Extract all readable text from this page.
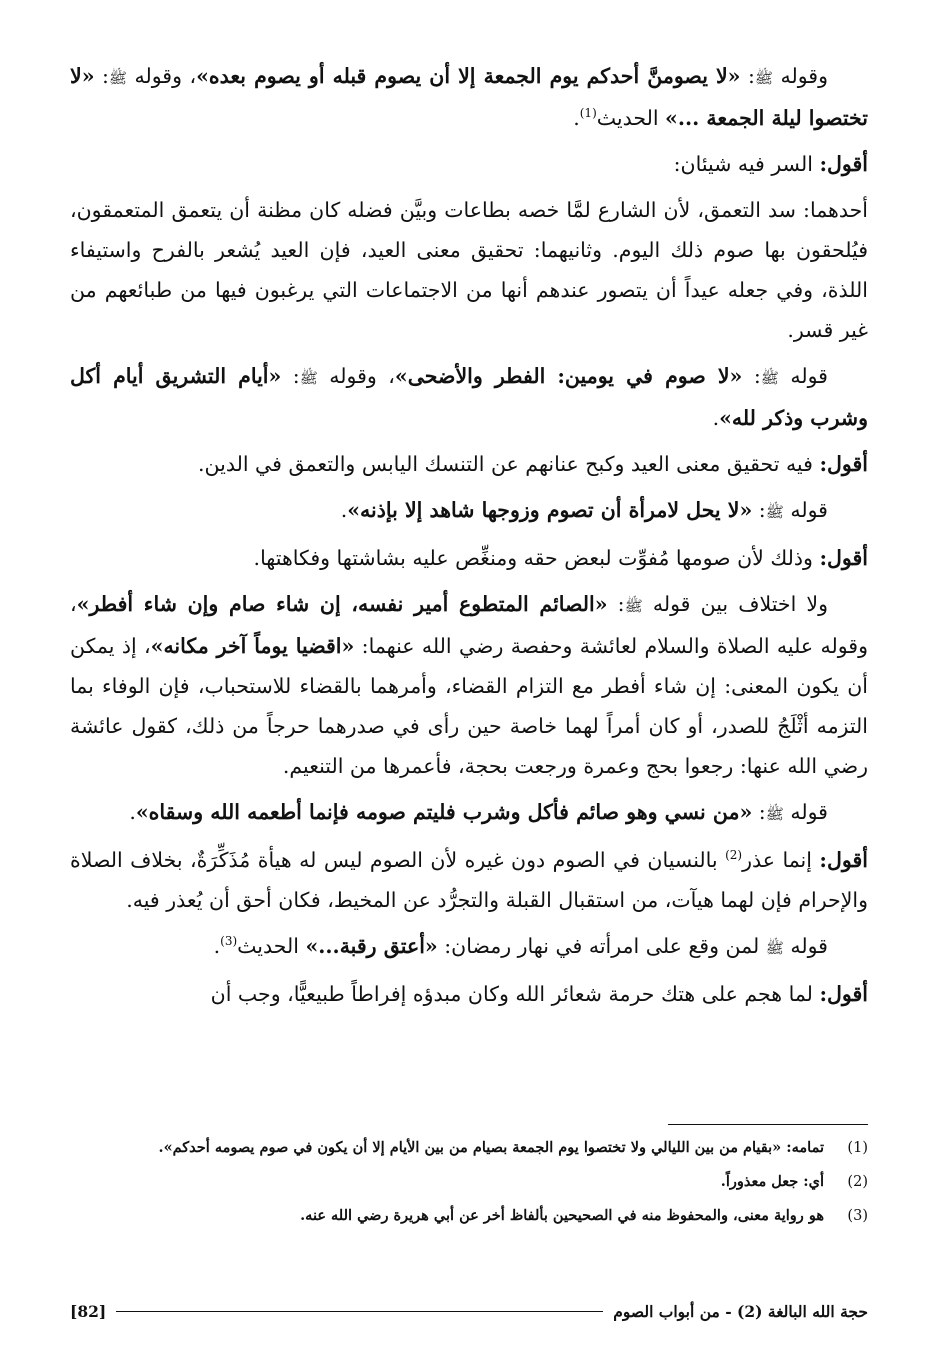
وقوله ﷺ: «لا يصومنَّ أحدكم يوم الجمعة إلا أن يصوم قبله أو يصوم بعده»، وقوله ﷺ: «لا تختصوا ليلة الجمعة ...» الحديث$^{(1)}$.

أقول: السر فيه شيئان:

أحدهما: سد التعمق، لأن الشارع لمَّا خصه بطاعات وبيَّن فضله كان مظنة أن يتعمق المتعمقون، فيُلحقون بها صوم ذلك اليوم. وثانيهما: تحقيق معنى العيد، فإن العيد يُشعر بالفرح واستيفاء اللذة، وفي جعله عيداً أن يتصور عندهم أنها من الاجتماعات التي يرغبون فيها من طبائعهم من غير قسر.

قوله ﷺ: «لا صوم في يومين: الفطر والأضحى»، وقوله ﷺ: «أيام التشريق أيام أكل وشرب وذكر لله».

أقول: فيه تحقيق معنى العيد وكبح عنانهم عن التنسك اليابس والتعمق في الدين.

قوله ﷺ: «لا يحل لامرأة أن تصوم وزوجها شاهد إلا بإذنه».

أقول: وذلك لأن صومها مُفوِّت لبعض حقه ومنغِّص عليه بشاشتها وفكاهتها.

ولا اختلاف بين قوله ﷺ: «الصائم المتطوع أمير نفسه، إن شاء صام وإن شاء أفطر»، وقوله عليه الصلاة والسلام لعائشة وحفصة رضي الله عنهما: «اقضيا يوماً آخر مكانه»، إذ يمكن أن يكون المعنى: إن شاء أفطر مع التزام القضاء، وأمرهما بالقضاء للاستحباب، فإن الوفاء بما التزمه أثْلَجُ للصدر، أو كان أمراً لهما خاصة حين رأى في صدرهما حرجاً من ذلك، كقول عائشة رضي الله عنها: رجعوا بحج وعمرة ورجعت بحجة، فأعمرها من التنعيم.

قوله ﷺ: «من نسي وهو صائم فأكل وشرب فليتم صومه فإنما أطعمه الله وسقاه».

أقول: إنما عذر$^{(2)}$ بالنسيان في الصوم دون غيره لأن الصوم ليس له هيأة مُذَكِّرَةٌ، بخلاف الصلاة والإحرام فإن لهما هيآت، من استقبال القبلة والتجرُّد عن المخيط، فكان أحق أن يُعذر فيه.

قوله ﷺ لمن وقع على امرأته في نهار رمضان: «أعتق رقبة...» الحديث$^{(3)}$.

أقول: لما هجم على هتك حرمة شعائر الله وكان مبدؤه إفراطاً طبيعيًّا، وجب أن

(1)
تمامه: «بقيام من بين الليالي ولا تختصوا يوم الجمعة بصيام من بين الأيام إلا أن يكون في صوم يصومه أحدكم».
(2)
أي: جعل معذوراً.
(3)
هو رواية معنى، والمحفوظ منه في الصحيحين بألفاظ أخر عن أبي هريرة رضي الله عنه.
حجة الله البالغة (2) - من أبواب الصوم
[82]
